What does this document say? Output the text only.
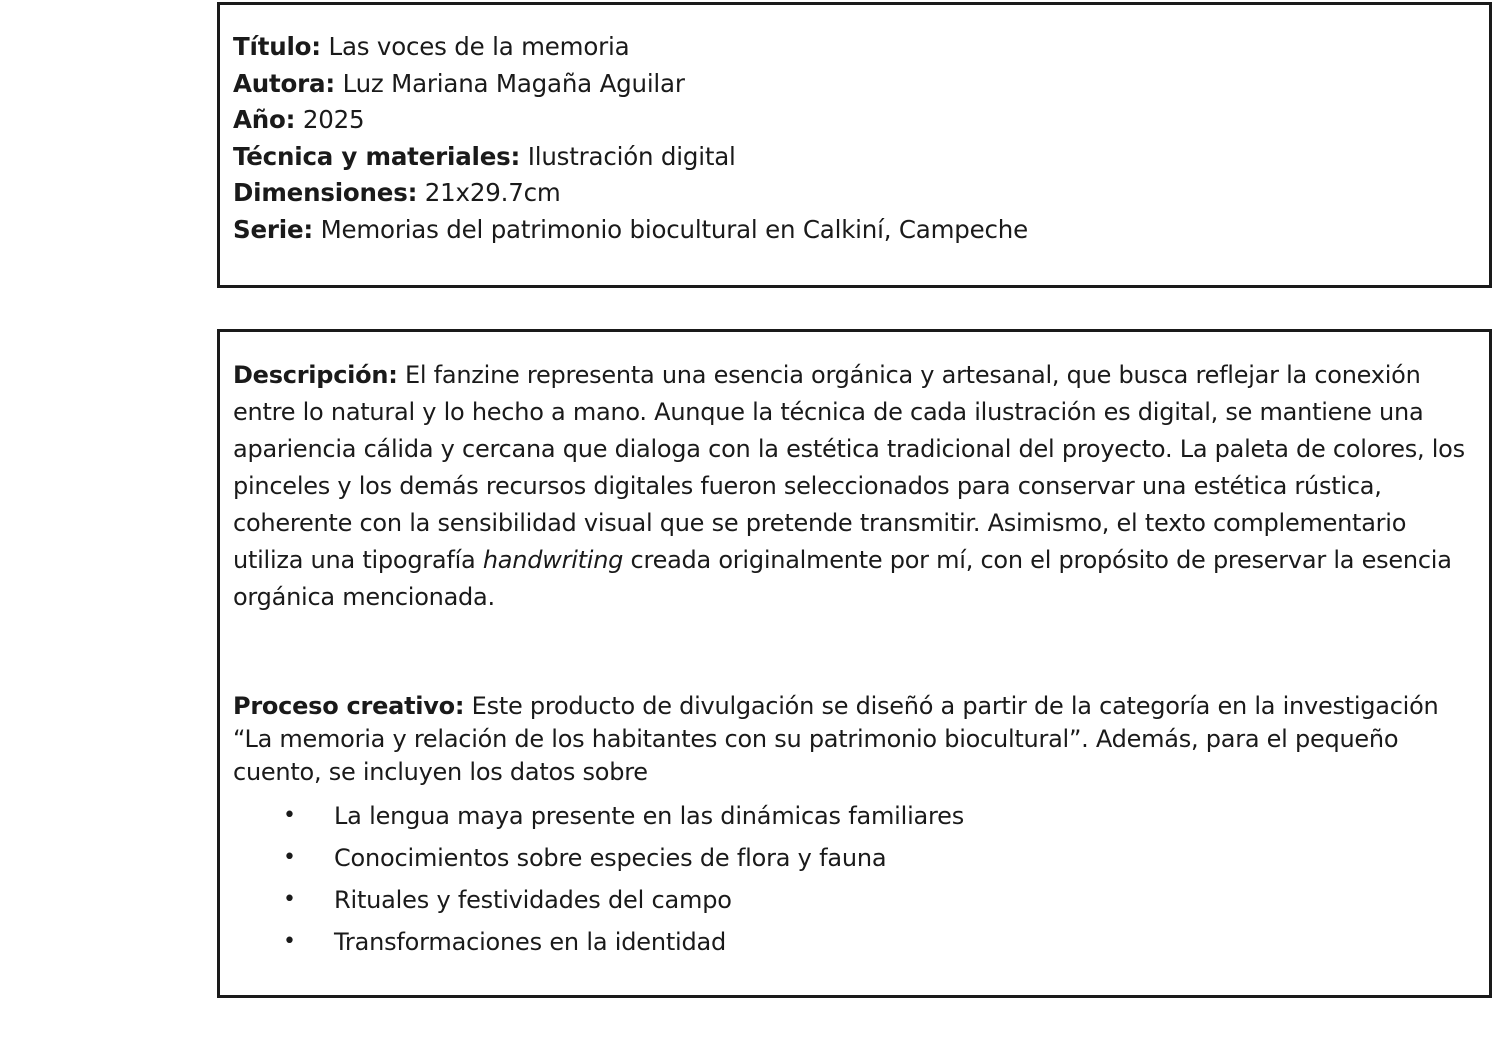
Título: Las voces de la memoria
Autora: Luz Mariana Magaña Aguilar
Año: 2025
Técnica y materiales: Ilustración digital
Dimensiones: 21x29.7cm
Serie: Memorias del patrimonio biocultural en Calkiní, Campeche

Descripción: El fanzine representa una esencia orgánica y artesanal, que busca reflejar la conexión entre lo natural y lo hecho a mano. Aunque la técnica de cada ilustración es digital, se mantiene una apariencia cálida y cercana que dialoga con la estética tradicional del proyecto. La paleta de colores, los pinceles y los demás recursos digitales fueron seleccionados para conservar una estética rústica, coherente con la sensibilidad visual que se pretende transmitir. Asimismo, el texto complementario utiliza una tipografía handwriting creada originalmente por mí, con el propósito de preservar la esencia orgánica mencionada.

Proceso creativo: Este producto de divulgación se diseñó a partir de la categoría en la investigación “La memoria y relación de los habitantes con su patrimonio biocultural”. Además, para el pequeño cuento, se incluyen los datos sobre

• La lengua maya presente en las dinámicas familiares
• Conocimientos sobre especies de flora y fauna
• Rituales y festividades del campo
• Transformaciones en la identidad
